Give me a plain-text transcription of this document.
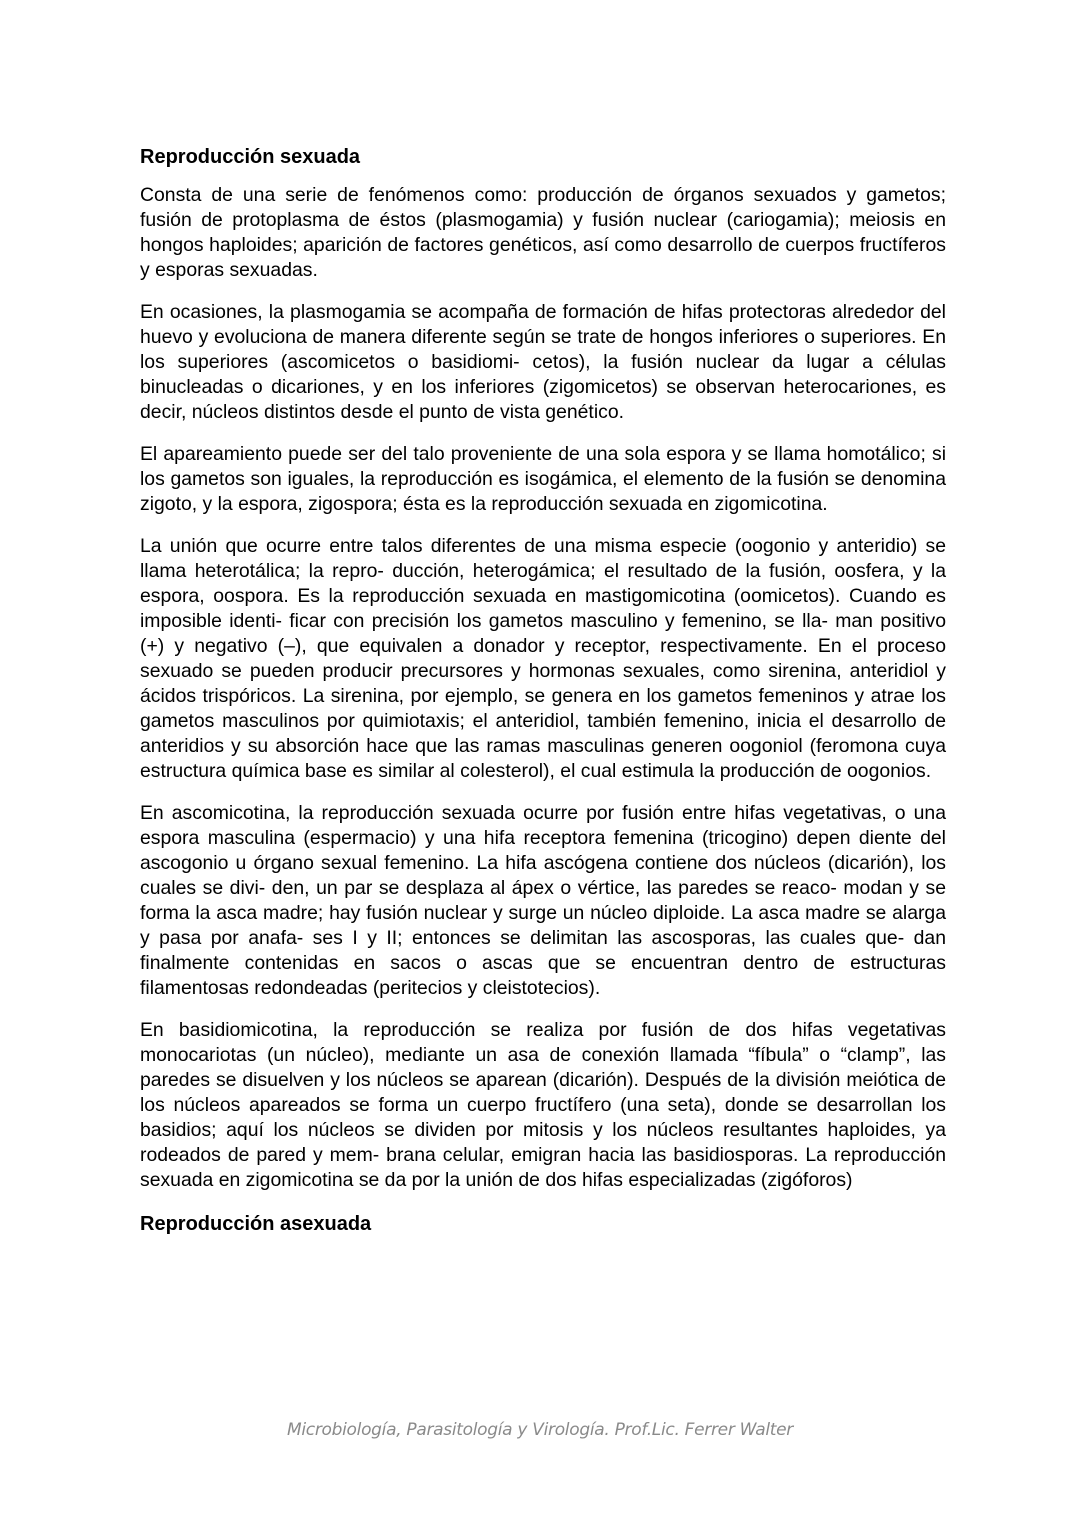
Reproducción sexuada

Consta de una serie de fenómenos como: producción de órganos sexuados y gametos; fusión de protoplasma de éstos (plasmogamia) y fusión nuclear (cariogamia); meiosis en hongos haploides; aparición de factores genéticos, así como desarrollo de cuerpos fructíferos y esporas sexuadas.

En ocasiones, la plasmogamia se acompaña de formación de hifas protectoras alrededor del huevo y evoluciona de manera diferente según se trate de hongos inferiores o superiores. En los superiores (ascomicetos o basidiomi- cetos), la fusión nuclear da lugar a células binucleadas o dicariones, y en los inferiores (zigomicetos) se observan heterocariones, es decir, núcleos distintos desde el punto de vista genético.

El apareamiento puede ser del talo proveniente de una sola espora y se llama homotálico; si los gametos son iguales, la reproducción es isogámica, el elemento de la fusión se denomina zigoto, y la espora, zigospora; ésta es la reproducción sexuada en zigomicotina.

La unión que ocurre entre talos diferentes de una misma especie (oogonio y anteridio) se llama heterotálica; la repro- ducción, heterogámica; el resultado de la fusión, oosfera, y la espora, oospora. Es la reproducción sexuada en mastigomicotina (oomicetos). Cuando es imposible identi- ficar con precisión los gametos masculino y femenino, se lla- man positivo (+) y negativo (–), que equivalen a donador y receptor, respectivamente. En el proceso sexuado se pueden producir precursores y hormonas sexuales, como sirenina, anteridiol y ácidos trispóricos. La sirenina, por ejemplo, se genera en los gametos femeninos y atrae los gametos masculinos por quimiotaxis; el anteridiol, también femenino, inicia el desarrollo de anteridios y su absorción hace que las ramas masculinas generen oogoniol (feromona cuya estructura química base es similar al colesterol), el cual estimula la producción de oogonios.

En ascomicotina, la reproducción sexuada ocurre por fusión entre hifas vegetativas, o una espora masculina (espermacio) y una hifa receptora femenina (tricogino) depen diente del ascogonio u órgano sexual femenino. La hifa ascógena contiene dos núcleos (dicarión), los cuales se divi- den, un par se desplaza al ápex o vértice, las paredes se reaco- modan y se forma la asca madre; hay fusión nuclear y surge un núcleo diploide. La asca madre se alarga y pasa por anafa- ses I y II; entonces se delimitan las ascosporas, las cuales que- dan finalmente contenidas en sacos o ascas que se encuentran dentro de estructuras filamentosas redondeadas (peritecios y cleistotecios).

En basidiomicotina, la reproducción se realiza por fusión de dos hifas vegetativas monocariotas (un núcleo), mediante un asa de conexión llamada “fíbula” o “clamp”, las paredes se disuelven y los núcleos se aparean (dicarión). Después de la división meiótica de los núcleos apareados se forma un cuerpo fructífero (una seta), donde se desarrollan los basidios; aquí los núcleos se dividen por mitosis y los núcleos resultantes haploides, ya rodeados de pared y mem- brana celular, emigran hacia las basidiosporas. La reproducción sexuada en zigomicotina se da por la unión de dos hifas especializadas (zigóforos)

Reproducción asexuada
Microbiología, Parasitología y Virología. Prof.Lic. Ferrer Walter
